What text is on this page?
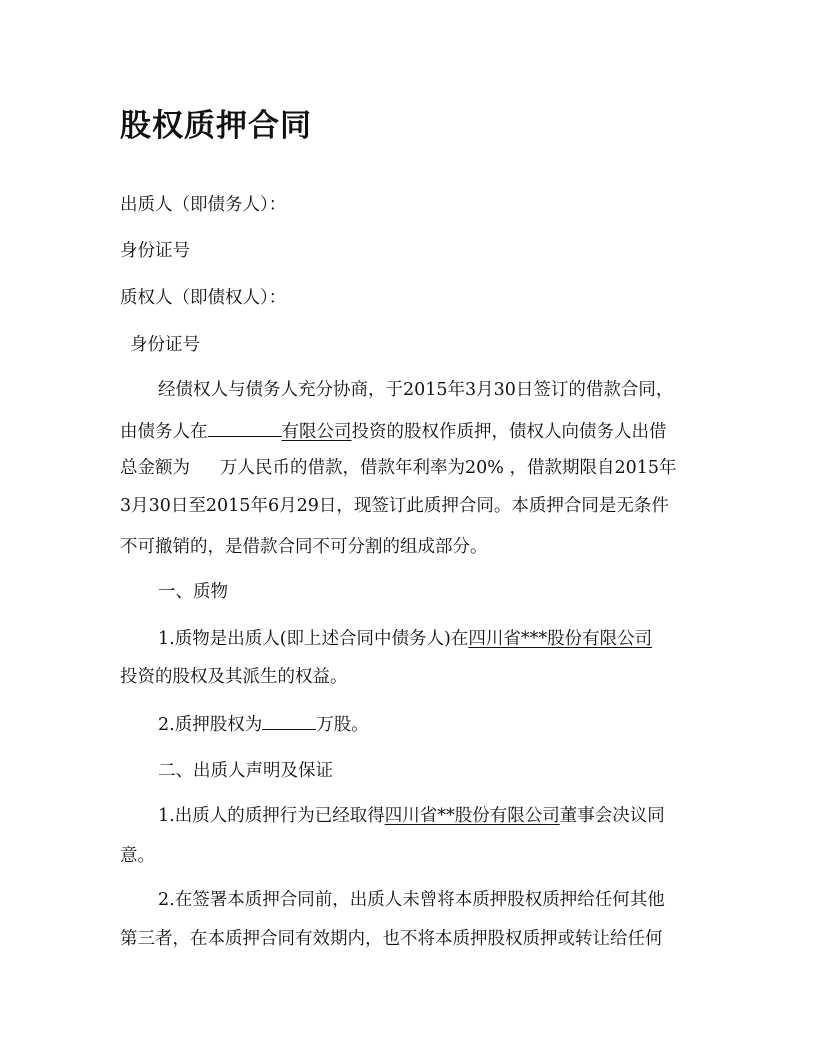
股权质押合同
出质人（即债务人）：
身份证号
质权人（即债权人）：
身份证号
经债权人与债务人充分协商，于2015年3月30日签订的借款合同，
由债务人在	有限公司投资的股权作质押，债权人向债务人出借
总金额为 万人民币的借款，借款年利率为20% ，借款期限自2015年
3月30日至2015年6月29日，现签订此质押合同。本质押合同是无条件
不可撤销的，是借款合同不可分割的组成部分。
一、质物
1.质物是出质人(即上述合同中债务人)在四川省***股份有限公司
投资的股权及其派生的权益。
2.质押股权为	万股。
二、出质人声明及保证
1.出质人的质押行为已经取得四川省**股份有限公司董事会决议同
意。
2.在签署本质押合同前，出质人未曾将本质押股权质押给任何其他
第三者，在本质押合同有效期内，也不将本质押股权质押或转让给任何
